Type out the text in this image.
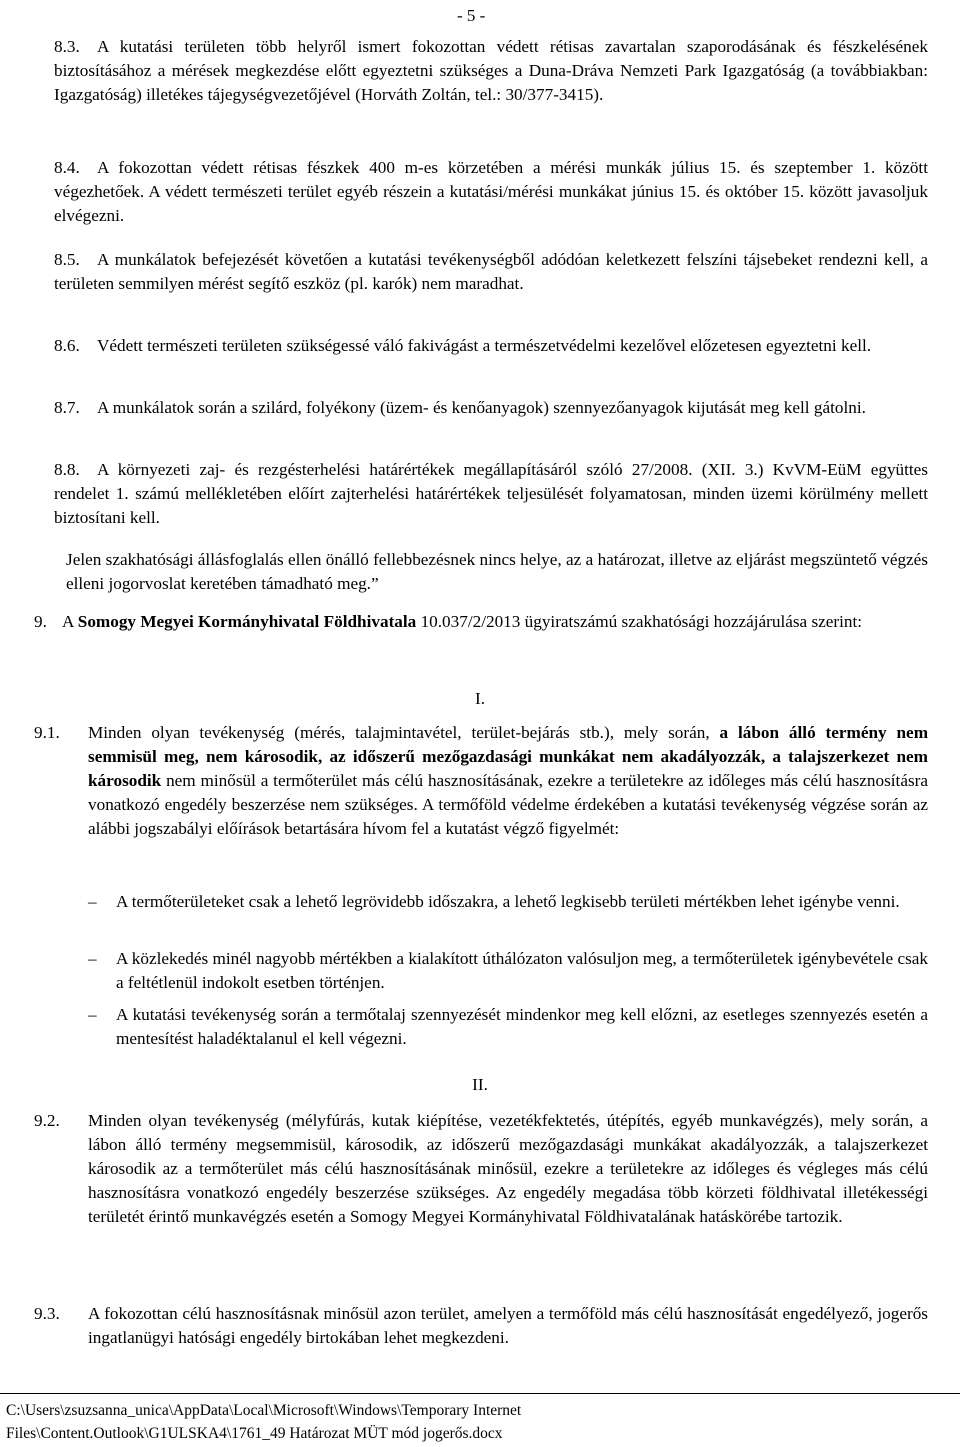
- 5 -
8.3. A kutatási területen több helyről ismert fokozottan védett rétisas zavartalan szaporodásának és fészkelésének biztosításához a mérések megkezdése előtt egyeztetni szükséges a Duna-Dráva Nemzeti Park Igazgatóság (a továbbiakban: Igazgatóság) illetékes tájegységvezetőjével (Horváth Zoltán, tel.: 30/377-3415).
8.4. A fokozottan védett rétisas fészkek 400 m-es körzetében a mérési munkák július 15. és szeptember 1. között végezhetőek. A védett természeti terület egyéb részein a kutatási/mérési munkákat június 15. és október 15. között javasoljuk elvégezni.
8.5. A munkálatok befejezését követően a kutatási tevékenységből adódóan keletkezett felszíni tájsebeket rendezni kell, a területen semmilyen mérést segítő eszköz (pl. karók) nem maradhat.
8.6. Védett természeti területen szükségessé váló fakivágást a természetvédelmi kezelővel előzetesen egyeztetni kell.
8.7. A munkálatok során a szilárd, folyékony (üzem- és kenőanyagok) szennyezőanyagok kijutását meg kell gátolni.
8.8. A környezeti zaj- és rezgésterhelési határértékek megállapításáról szóló 27/2008. (XII. 3.) KvVM-EüM együttes rendelet 1. számú mellékletében előírt zajterhelési határértékek teljesülését folyamatosan, minden üzemi körülmény mellett biztosítani kell.
Jelen szakhatósági állásfoglalás ellen önálló fellebbezésnek nincs helye, az a határozat, illetve az eljárást megszüntető végzés elleni jogorvoslat keretében támadható meg.”
9. A Somogy Megyei Kormányhivatal Földhivatala 10.037/2/2013 ügyiratszámú szakhatósági hozzájárulása szerint:
I.
9.1. Minden olyan tevékenység (mérés, talajmintavétel, terület-bejárás stb.), mely során, a lábon álló termény nem semmisül meg, nem károsodik, az időszerű mezőgazdasági munkákat nem akadályozzák, a talajszerkezet nem károsodik nem minősül a termőterület más célú hasznosításának, ezekre a területekre az időleges más célú hasznosításra vonatkozó engedély beszerzése nem szükséges. A termőföld védelme érdekében a kutatási tevékenység végzése során az alábbi jogszabályi előírások betartására hívom fel a kutatást végző figyelmét:
–	A termőterületeket csak a lehető legrövidebb időszakra, a lehető legkisebb területi mértékben lehet igénybe venni.
–	A közlekedés minél nagyobb mértékben a kialakított úthálózaton valósuljon meg, a termőterületek igénybevétele csak a feltétlenül indokolt esetben történjen.
–	A kutatási tevékenység során a termőtalaj szennyezését mindenkor meg kell előzni, az esetleges szennyezés esetén a mentesítést haladéktalanul el kell végezni.
II.
9.2. Minden olyan tevékenység (mélyfúrás, kutak kiépítése, vezetékfektetés, útépítés, egyéb munkavégzés), mely során, a lábon álló termény megsemmisül, károsodik, az időszerű mezőgazdasági munkákat akadályozzák, a talajszerkezet károsodik az a termőterület más célú hasznosításának minősül, ezekre a területekre az időleges és végleges más célú hasznosításra vonatkozó engedély beszerzése szükséges. Az engedély megadása több körzeti földhivatal illetékességi területét érintő munkavégzés esetén a Somogy Megyei Kormányhivatal Földhivatalának hatáskörébe tartozik.
9.3. A fokozottan célú hasznosításnak minősül azon terület, amelyen a termőföld más célú hasznosítását engedélyező, jogerős ingatlanügyi hatósági engedély birtokában lehet megkezdeni.
C:\Users\zsuzsanna_unica\AppData\Local\Microsoft\Windows\Temporary Internet
Files\Content.Outlook\G1ULSKA4\1761_49 Határozat MÜT mód jogerős.docx
